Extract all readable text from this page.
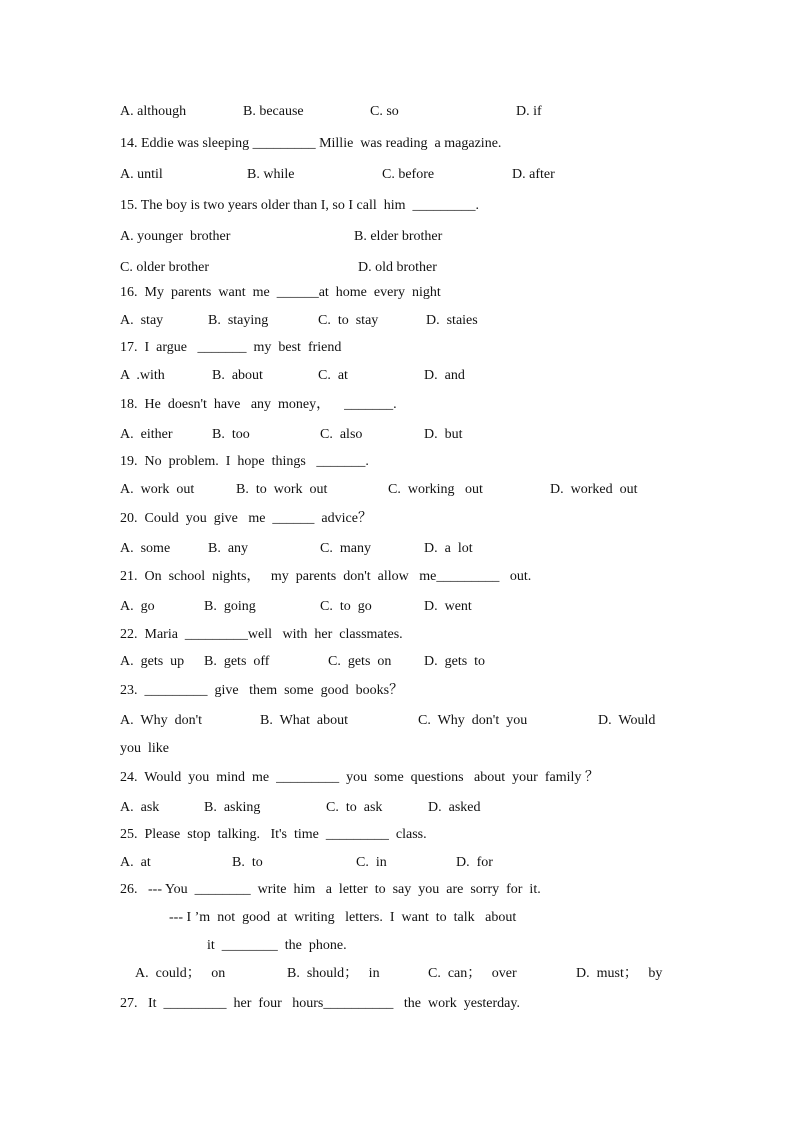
A. although	B. because	C. so	D. if
14. Eddie was sleeping _________ Millie  was reading  a magazine.
A. until	B. while	C. before	D. after
15. The boy is two years older than I, so I call  him  _________.
A. younger  brother	B. elder brother
C. older brother	D. old brother
16.  My  parents  want  me  ______at  home  every  night
A.  stay	B.  staying	C.  to  stay	D.  staies
17.  I  argue   _______  my  best  friend
A  .with	B.  about	C.  at	D.  and
18.  He  doesn't  have   any  money，    _______.
A.  either	B.  too	C.  also	D.  but
19.  No  problem.  I  hope  things   _______.
A.  work  out	B.  to  work  out	C.  working   out	D.  worked  out
20.  Could  you  give   me  ______  advice？
A.  some	B.  any	C.  many	D.  a  lot
21.  On  school  nights，   my  parents  don't  allow   me_________   out.
A.  go	B.  going	C.  to  go	D.  went
22.  Maria  _________well   with  her  classmates.
A.  gets  up B.  gets  off	C.  gets  on D.  gets  to
23.  _________  give   them  some  good  books？
A.  Why  don't	B.  What  about	C.  Why  don't  you	D.  Would
you  like
24.  Would  you  mind  me  _________  you  some  questions   about  your  family ？
A.  ask	B.  asking	C.  to  ask	D.  asked
25.  Please  stop  talking.   It's  time  _________  class.
A.  at	B.  to	C.  in	D.  for
26.   --- You  ________  write  him   a  letter  to  say  you  are  sorry  for  it.
--- I ’m  not  good  at  writing   letters.  I  want  to  talk   about
it  ________  the  phone.
A.  could；   on	B.  should；   in	C.  can；   over	D.  must；   by
27.   It  _________  her  four   hours__________   the  work  yesterday.
